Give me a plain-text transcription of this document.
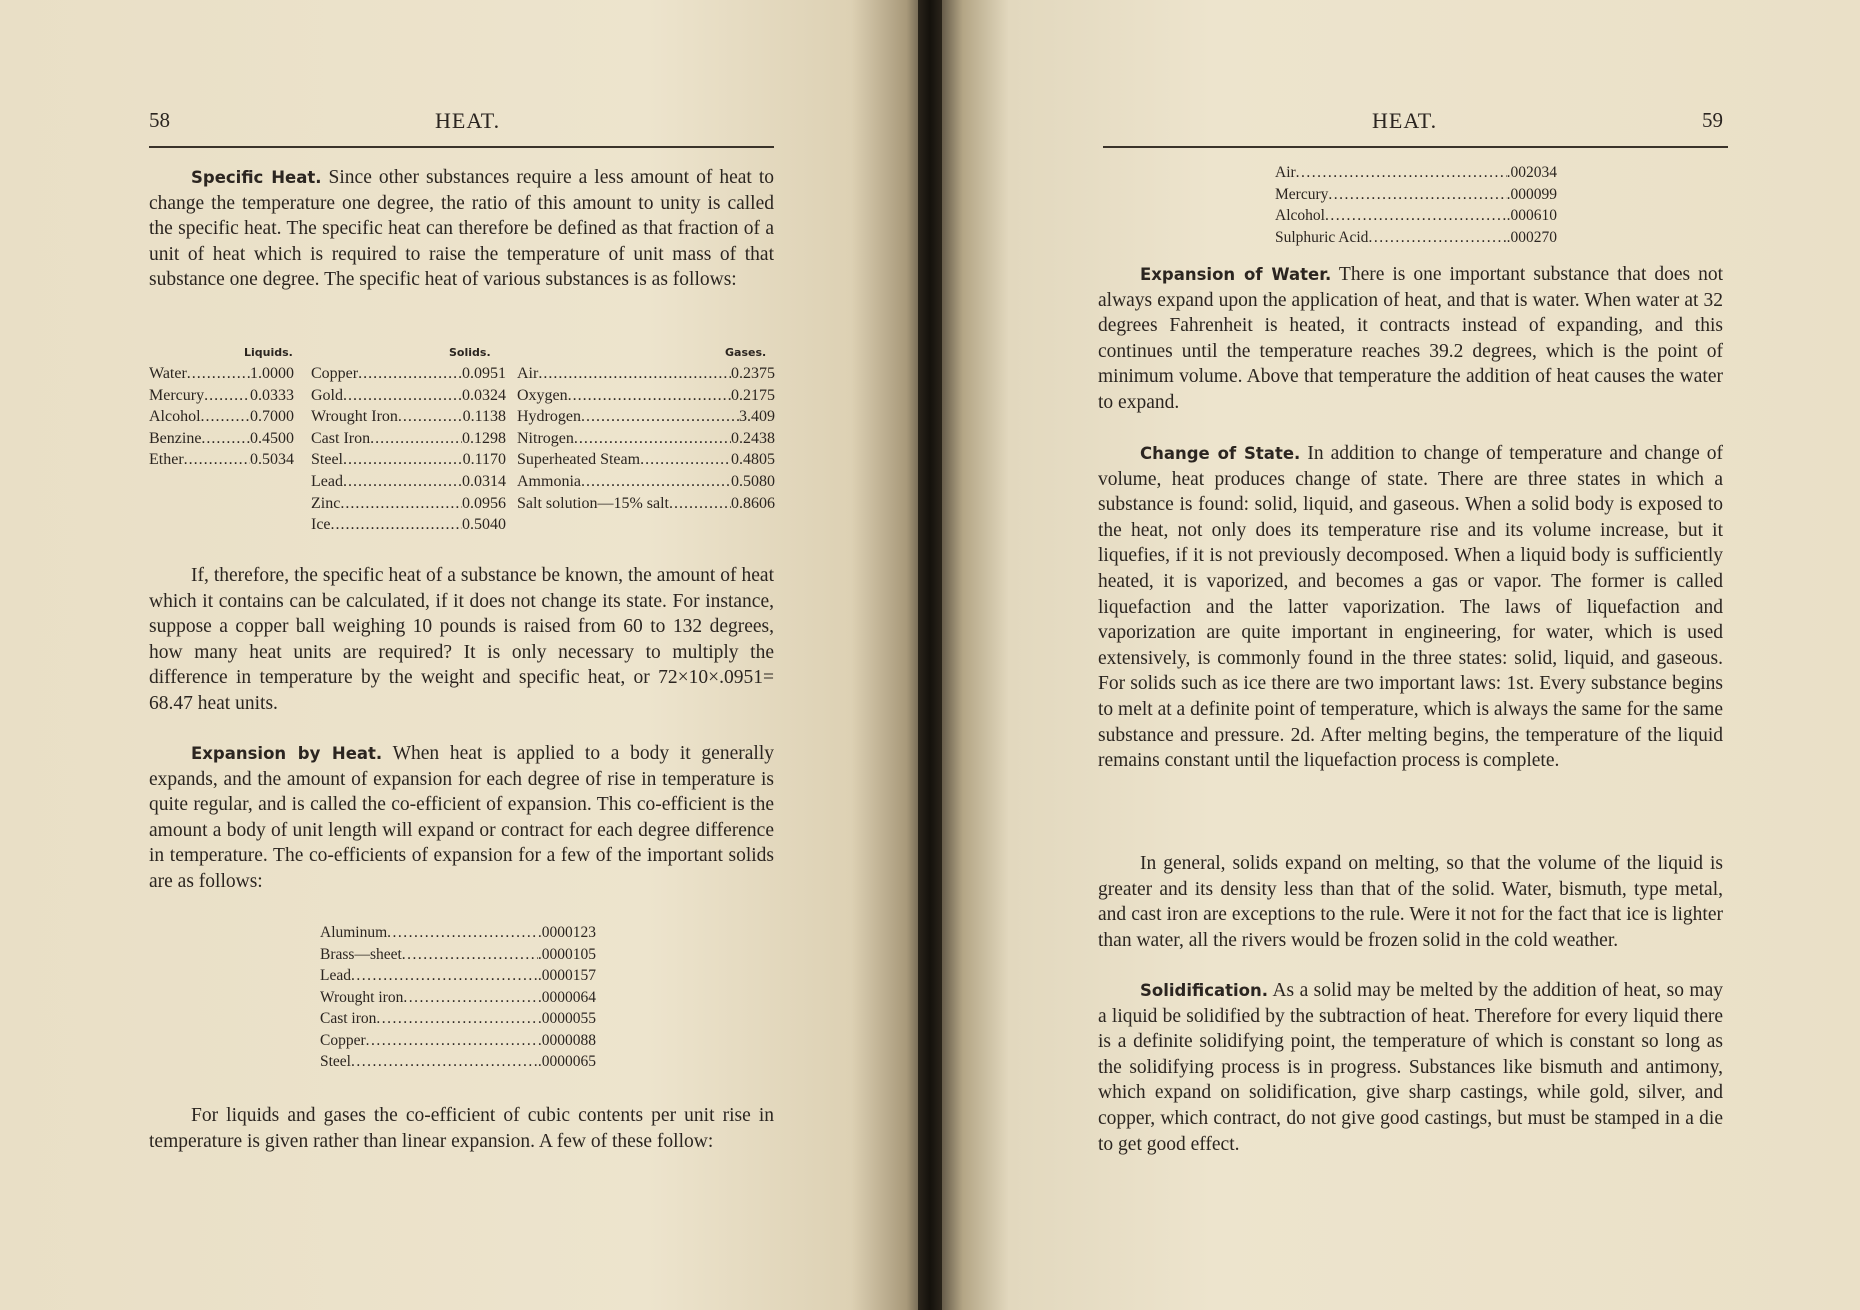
58	HEAT.

Specific Heat. Since other substances require a less amount of heat to change the temperature one degree, the ratio of this amount to unity is called the specific heat. The specific heat can therefore be defined as that fraction of a unit of heat which is required to raise the temperature of unit mass of that substance one degree. The specific heat of various substances is as follows:

Liquids.
Water .....	1.0000
Mercury .....	0.0333
Alcohol .....	0.7000
Benzine .....	0.4500
Ether .....	0.5034
Solids.
Copper .....	0.0951
Gold .....	0.0324
Wrought Iron .....	0.1138
Cast Iron .....	0.1298
Steel .....	0.1170
Lead .....	0.0314
Zinc .....	0.0956
Ice .....	0.5040
Gases.
Air .....	0.2375
Oxygen .....	0.2175
Hydrogen .....	3.409
Nitrogen .....	0.2438
Superheated Steam .....	0.4805
Ammonia .....	0.5080
Salt solution—15% salt .....	0.8606

If, therefore, the specific heat of a substance be known, the amount of heat which it contains can be calculated, if it does not change its state. For instance, suppose a copper ball weighing 10 pounds is raised from 60 to 132 degrees, how many heat units are required? It is only necessary to multiply the difference in temperature by the weight and specific heat, or 72×10×.0951= 68.47 heat units.

Expansion by Heat. When heat is applied to a body it generally expands, and the amount of expansion for each degree of rise in temperature is quite regular, and is called the co-efficient of expansion. This co-efficient is the amount a body of unit length will expand or contract for each degree difference in temperature. The co-efficients of expansion for a few of the important solids are as follows:

Aluminum .....	.0000123
Brass—sheet .....	.0000105
Lead .....	.0000157
Wrought iron .....	.0000064
Cast iron .....	.0000055
Copper .....	.0000088
Steel .....	.0000065

For liquids and gases the co-efficient of cubic contents per unit rise in temperature is given rather than linear expansion. A few of these follow:

HEAT.	59
Air .....	.002034
Mercury .....	.000099
Alcohol .....	.000610
Sulphuric Acid .....	.000270

Expansion of Water. There is one important substance that does not always expand upon the application of heat, and that is water. When water at 32 degrees Fahrenheit is heated, it contracts instead of expanding, and this continues until the temperature reaches 39.2 degrees, which is the point of minimum volume. Above that temperature the addition of heat causes the water to expand.

Change of State. In addition to change of temperature and change of volume, heat produces change of state. There are three states in which a substance is found: solid, liquid, and gaseous. When a solid body is exposed to the heat, not only does its temperature rise and its volume increase, but it liquefies, if it is not previously decomposed. When a liquid body is sufficiently heated, it is vaporized, and becomes a gas or vapor. The former is called liquefaction and the latter vaporization. The laws of liquefaction and vaporization are quite important in engineering, for water, which is used extensively, is commonly found in the three states: solid, liquid, and gaseous. For solids such as ice there are two important laws: 1st. Every substance begins to melt at a definite point of temperature, which is always the same for the same substance and pressure. 2d. After melting begins, the temperature of the liquid remains constant until the liquefaction process is complete.

In general, solids expand on melting, so that the volume of the liquid is greater and its density less than that of the solid. Water, bismuth, type metal, and cast iron are exceptions to the rule. Were it not for the fact that ice is lighter than water, all the rivers would be frozen solid in the cold weather.

Solidification. As a solid may be melted by the addition of heat, so may a liquid be solidified by the subtraction of heat. Therefore for every liquid there is a definite solidifying point, the temperature of which is constant so long as the solidifying process is in progress. Substances like bismuth and antimony, which expand on solidification, give sharp castings, while gold, silver, and copper, which contract, do not give good castings, but must be stamped in a die to get good effect.
